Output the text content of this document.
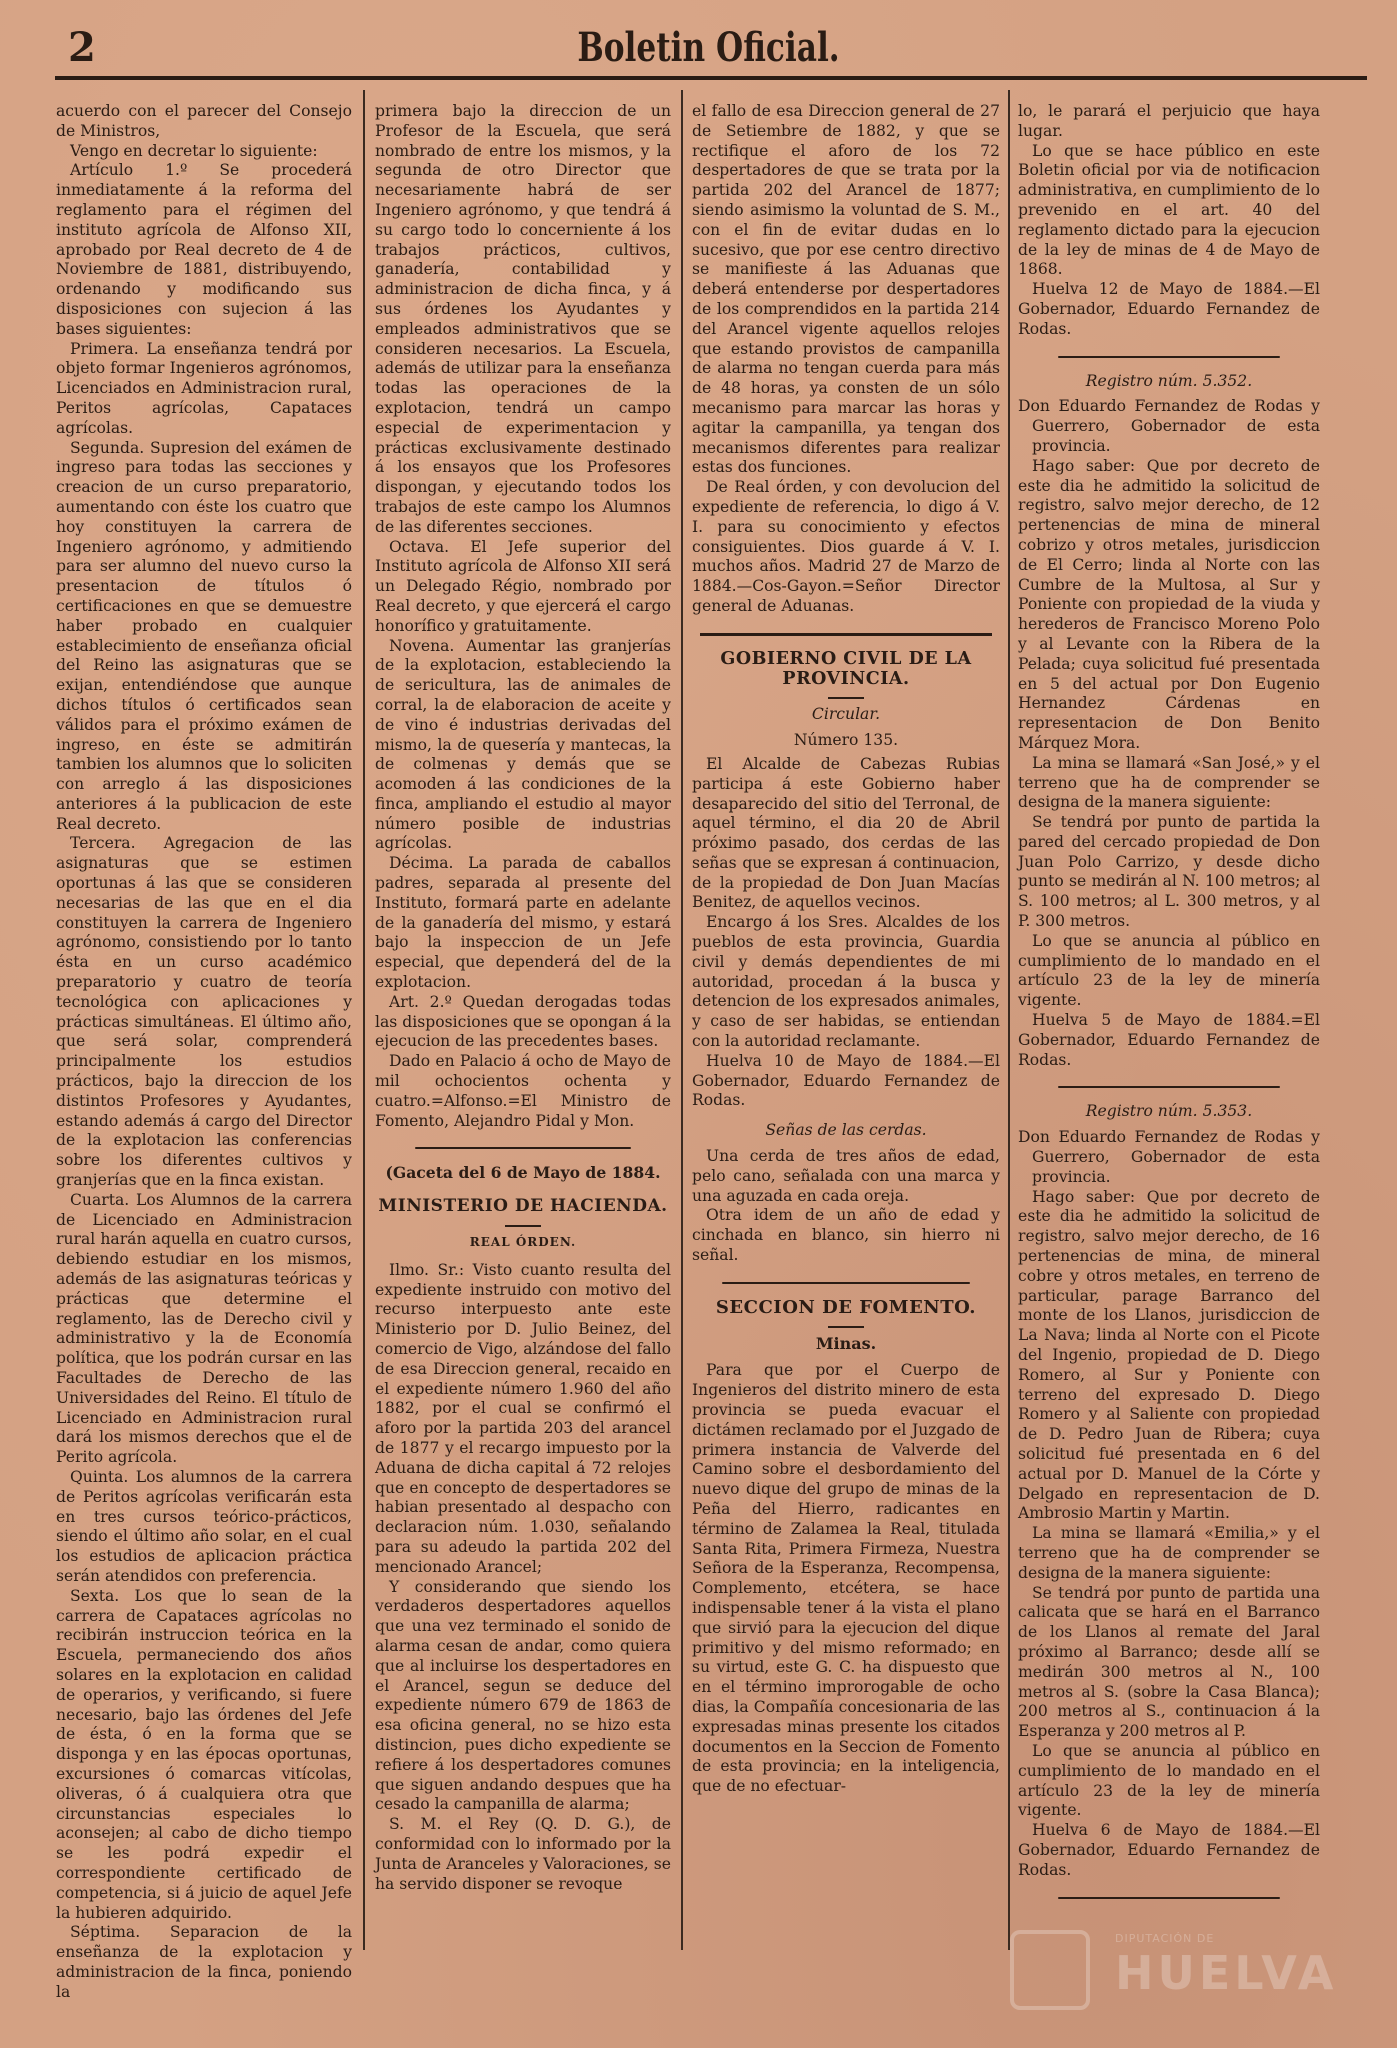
2	Boletin Oficial.

acuerdo con el parecer del Consejo de Ministros,

Vengo en decretar lo siguiente:

Artículo 1.º Se procederá inmediatamente á la reforma del reglamento para el régimen del instituto agrícola de Alfonso XII, aprobado por Real decreto de 4 de Noviembre de 1881, distribuyendo, ordenando y modificando sus disposiciones con sujecion á las bases siguientes:

Primera. La enseñanza tendrá por objeto formar Ingenieros agrónomos, Licenciados en Administracion rural, Peritos agrícolas, Capataces agrícolas.

Segunda. Supresion del exámen de ingreso para todas las secciones y creacion de un curso preparatorio, aumentando con éste los cuatro que hoy constituyen la carrera de Ingeniero agrónomo, y admitiendo para ser alumno del nuevo curso la presentacion de títulos ó certificaciones en que se demuestre haber probado en cualquier establecimiento de enseñanza oficial del Reino las asignaturas que se exijan, entendiéndose que aunque dichos títulos ó certificados sean válidos para el próximo exámen de ingreso, en éste se admitirán tambien los alumnos que lo soliciten con arreglo á las disposiciones anteriores á la publicacion de este Real decreto.

Tercera. Agregacion de las asignaturas que se estimen oportunas á las que se consideren necesarias de las que en el dia constituyen la carrera de Ingeniero agrónomo, consistiendo por lo tanto ésta en un curso académico preparatorio y cuatro de teoría tecnológica con aplicaciones y prácticas simultáneas. El último año, que será solar, comprenderá principalmente los estudios prácticos, bajo la direccion de los distintos Profesores y Ayudantes, estando además á cargo del Director de la explotacion las conferencias sobre los diferentes cultivos y granjerías que en la finca existan.

Cuarta. Los Alumnos de la carrera de Licenciado en Administracion rural harán aquella en cuatro cursos, debiendo estudiar en los mismos, además de las asignaturas teóricas y prácticas que determine el reglamento, las de Derecho civil y administrativo y la de Economía política, que los podrán cursar en las Facultades de Derecho de las Universidades del Reino. El título de Licenciado en Administracion rural dará los mismos derechos que el de Perito agrícola.

Quinta. Los alumnos de la carrera de Peritos agrícolas verificarán esta en tres cursos teórico-prácticos, siendo el último año solar, en el cual los estudios de aplicacion práctica serán atendidos con preferencia.

Sexta. Los que lo sean de la carrera de Capataces agrícolas no recibirán instruccion teórica en la Escuela, permaneciendo dos años solares en la explotacion en calidad de operarios, y verificando, si fuere necesario, bajo las órdenes del Jefe de ésta, ó en la forma que se disponga y en las épocas oportunas, excursiones ó comarcas vitícolas, oliveras, ó á cualquiera otra que circunstancias especiales lo aconsejen; al cabo de dicho tiempo se les podrá expedir el correspondiente certificado de competencia, si á juicio de aquel Jefe la hubieren adquirido.

Séptima. Separacion de la enseñanza de la explotacion y administracion de la finca, poniendo la

primera bajo la direccion de un Profesor de la Escuela, que será nombrado de entre los mismos, y la segunda de otro Director que necesariamente habrá de ser Ingeniero agrónomo, y que tendrá á su cargo todo lo concerniente á los trabajos prácticos, cultivos, ganadería, contabilidad y administracion de dicha finca, y á sus órdenes los Ayudantes y empleados administrativos que se consideren necesarios. La Escuela, además de utilizar para la enseñanza todas las operaciones de la explotacion, tendrá un campo especial de experimentacion y prácticas exclusivamente destinado á los ensayos que los Profesores dispongan, y ejecutando todos los trabajos de este campo los Alumnos de las diferentes secciones.

Octava. El Jefe superior del Instituto agrícola de Alfonso XII será un Delegado Régio, nombrado por Real decreto, y que ejercerá el cargo honorífico y gratuitamente.

Novena. Aumentar las granjerías de la explotacion, estableciendo la de sericultura, las de animales de corral, la de elaboracion de aceite y de vino é industrias derivadas del mismo, la de quesería y mantecas, la de colmenas y demás que se acomoden á las condiciones de la finca, ampliando el estudio al mayor número posible de industrias agrícolas.

Décima. La parada de caballos padres, separada al presente del Instituto, formará parte en adelante de la ganadería del mismo, y estará bajo la inspeccion de un Jefe especial, que dependerá del de la explotacion.

Art. 2.º Quedan derogadas todas las disposiciones que se opongan á la ejecucion de las precedentes bases.

Dado en Palacio á ocho de Mayo de mil ochocientos ochenta y cuatro.=Alfonso.=El Ministro de Fomento, Alejandro Pidal y Mon.

(Gaceta del 6 de Mayo de 1884.
MINISTERIO DE HACIENDA.
REAL ÓRDEN.

Ilmo. Sr.: Visto cuanto resulta del expediente instruido con motivo del recurso interpuesto ante este Ministerio por D. Julio Beinez, del comercio de Vigo, alzándose del fallo de esa Direccion general, recaido en el expediente número 1.960 del año 1882, por el cual se confirmó el aforo por la partida 203 del arancel de 1877 y el recargo impuesto por la Aduana de dicha capital á 72 relojes que en concepto de despertadores se habian presentado al despacho con declaracion núm. 1.030, señalando para su adeudo la partida 202 del mencionado Arancel;

Y considerando que siendo los verdaderos despertadores aquellos que una vez terminado el sonido de alarma cesan de andar, como quiera que al incluirse los despertadores en el Arancel, segun se deduce del expediente número 679 de 1863 de esa oficina general, no se hizo esta distincion, pues dicho expediente se refiere á los despertadores comunes que siguen andando despues que ha cesado la campanilla de alarma;

S. M. el Rey (Q. D. G.), de conformidad con lo informado por la Junta de Aranceles y Valoraciones, se ha servido disponer se revoque

el fallo de esa Direccion general de 27 de Setiembre de 1882, y que se rectifique el aforo de los 72 despertadores de que se trata por la partida 202 del Arancel de 1877; siendo asimismo la voluntad de S. M., con el fin de evitar dudas en lo sucesivo, que por ese centro directivo se manifieste á las Aduanas que deberá entenderse por despertadores de los comprendidos en la partida 214 del Arancel vigente aquellos relojes que estando provistos de campanilla de alarma no tengan cuerda para más de 48 horas, ya consten de un sólo mecanismo para marcar las horas y agitar la campanilla, ya tengan dos mecanismos diferentes para realizar estas dos funciones.

De Real órden, y con devolucion del expediente de referencia, lo digo á V. I. para su conocimiento y efectos consiguientes. Dios guarde á V. I. muchos años. Madrid 27 de Marzo de 1884.—Cos-Gayon.=Señor Director general de Aduanas.

GOBIERNO CIVIL DE LA PROVINCIA.
Circular.
Número 135.

El Alcalde de Cabezas Rubias participa á este Gobierno haber desaparecido del sitio del Terronal, de aquel término, el dia 20 de Abril próximo pasado, dos cerdas de las señas que se expresan á continuacion, de la propiedad de Don Juan Macías Benitez, de aquellos vecinos.

Encargo á los Sres. Alcaldes de los pueblos de esta provincia, Guardia civil y demás dependientes de mi autoridad, procedan á la busca y detencion de los expresados animales, y caso de ser habidas, se entiendan con la autoridad reclamante.

Huelva 10 de Mayo de 1884.—El Gobernador, Eduardo Fernandez de Rodas.

Señas de las cerdas.

Una cerda de tres años de edad, pelo cano, señalada con una marca y una aguzada en cada oreja.

Otra idem de un año de edad y cinchada en blanco, sin hierro ni señal.

SECCION DE FOMENTO.
Minas.

Para que por el Cuerpo de Ingenieros del distrito minero de esta provincia se pueda evacuar el dictámen reclamado por el Juzgado de primera instancia de Valverde del Camino sobre el desbordamiento del nuevo dique del grupo de minas de la Peña del Hierro, radicantes en término de Zalamea la Real, titulada Santa Rita, Primera Firmeza, Nuestra Señora de la Esperanza, Recompensa, Complemento, etcétera, se hace indispensable tener á la vista el plano que sirvió para la ejecucion del dique primitivo y del mismo reformado; en su virtud, este G. C. ha dispuesto que en el término improrogable de ocho dias, la Compañía concesionaria de las expresadas minas presente los citados documentos en la Seccion de Fomento de esta provincia; en la inteligencia, que de no efectuar-

lo, le parará el perjuicio que haya lugar.

Lo que se hace público en este Boletin oficial por via de notificacion administrativa, en cumplimiento de lo prevenido en el art. 40 del reglamento dictado para la ejecucion de la ley de minas de 4 de Mayo de 1868.

Huelva 12 de Mayo de 1884.—El Gobernador, Eduardo Fernandez de Rodas.

Registro núm. 5.352.

Don Eduardo Fernandez de Rodas y Guerrero, Gobernador de esta provincia.

Hago saber: Que por decreto de este dia he admitido la solicitud de registro, salvo mejor derecho, de 12 pertenencias de mina de mineral cobrizo y otros metales, jurisdiccion de El Cerro; linda al Norte con las Cumbre de la Multosa, al Sur y Poniente con propiedad de la viuda y herederos de Francisco Moreno Polo y al Levante con la Ribera de la Pelada; cuya solicitud fué presentada en 5 del actual por Don Eugenio Hernandez Cárdenas en representacion de Don Benito Márquez Mora.

La mina se llamará «San José,» y el terreno que ha de comprender se designa de la manera siguiente:

Se tendrá por punto de partida la pared del cercado propiedad de Don Juan Polo Carrizo, y desde dicho punto se medirán al N. 100 metros; al S. 100 metros; al L. 300 metros, y al P. 300 metros.

Lo que se anuncia al público en cumplimiento de lo mandado en el artículo 23 de la ley de minería vigente.

Huelva 5 de Mayo de 1884.=El Gobernador, Eduardo Fernandez de Rodas.

Registro núm. 5.353.

Don Eduardo Fernandez de Rodas y Guerrero, Gobernador de esta provincia.

Hago saber: Que por decreto de este dia he admitido la solicitud de registro, salvo mejor derecho, de 16 pertenencias de mina, de mineral cobre y otros metales, en terreno de particular, parage Barranco del monte de los Llanos, jurisdiccion de La Nava; linda al Norte con el Picote del Ingenio, propiedad de D. Diego Romero, al Sur y Poniente con terreno del expresado D. Diego Romero y al Saliente con propiedad de D. Pedro Juan de Ribera; cuya solicitud fué presentada en 6 del actual por D. Manuel de la Córte y Delgado en representacion de D. Ambrosio Martin y Martin.

La mina se llamará «Emilia,» y el terreno que ha de comprender se designa de la manera siguiente:

Se tendrá por punto de partida una calicata que se hará en el Barranco de los Llanos al remate del Jaral próximo al Barranco; desde allí se medirán 300 metros al N., 100 metros al S. (sobre la Casa Blanca); 200 metros al S., continuacion á la Esperanza y 200 metros al P.

Lo que se anuncia al público en cumplimiento de lo mandado en el artículo 23 de la ley de minería vigente.

Huelva 6 de Mayo de 1884.—El Gobernador, Eduardo Fernandez de Rodas.

DIPUTACIÓN DE
HUELVA
